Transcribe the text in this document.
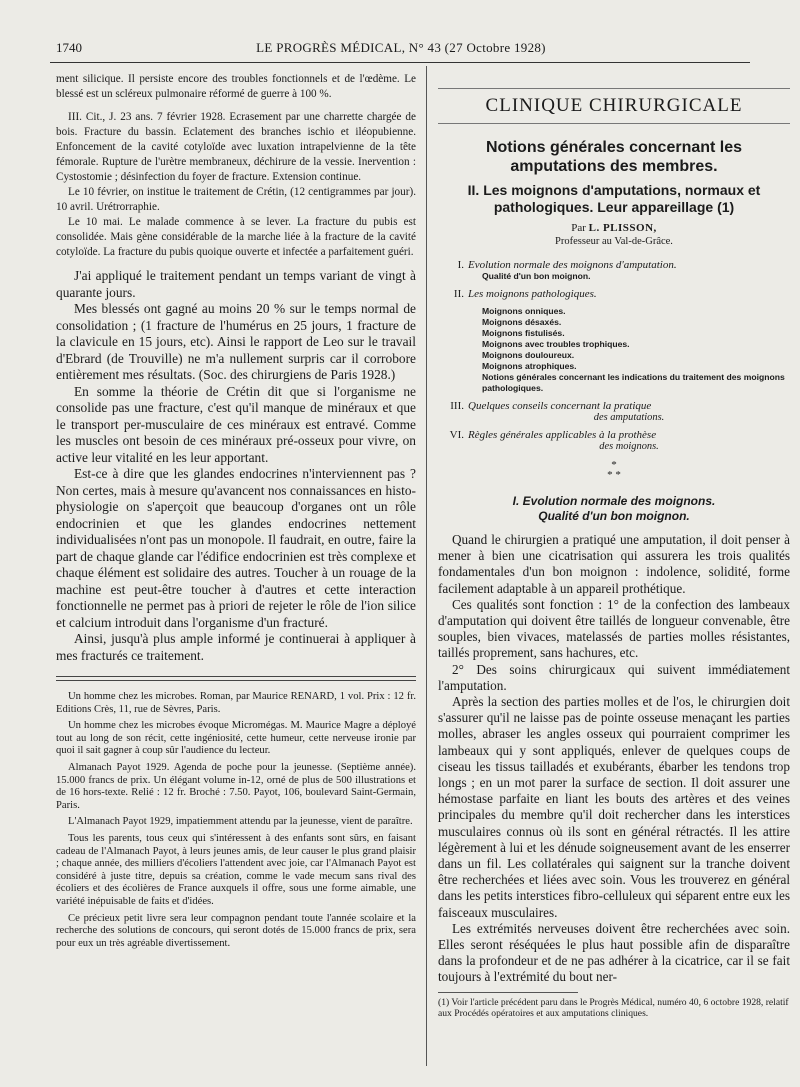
1740	LE PROGRÈS MÉDICAL, N° 43 (27 Octobre 1928)

ment silicique. Il persiste encore des troubles fonctionnels et de l'œdème. Le blessé est un scléreux pulmonaire réformé de guerre à 100 %.

III. Cit., J. 23 ans. 7 février 1928. Ecrasement par une charrette chargée de bois. Fracture du bassin. Eclatement des branches ischio et iléopubienne. Enfoncement de la cavité cotyloïde avec luxation intrapelvienne de la tête fémorale. Rupture de l'urètre membraneux, déchirure de la vessie. Inervention : Cystostomie ; désinfection du foyer de fracture. Extension continue.

Le 10 février, on institue le traitement de Crétin, (12 centigrammes par jour). 10 avril. Urétrorraphie.

Le 10 mai. Le malade commence à se lever. La fracture du pubis est consolidée. Mais gène considérable de la marche liée à la fracture de la cavité cotyloïde. La fracture du pubis quoique ouverte et infectée a parfaitement guéri.

J'ai appliqué le traitement pendant un temps variant de vingt à quarante jours.

Mes blessés ont gagné au moins 20 % sur le temps normal de consolidation ; (1 fracture de l'humérus en 25 jours, 1 fracture de la clavicule en 15 jours, etc). Ainsi le rapport de Leo sur le travail d'Ebrard (de Trouville) ne m'a nullement surpris car il corrobore entièrement mes résultats. (Soc. des chirurgiens de Paris 1928.)

En somme la théorie de Crétin dit que si l'organisme ne consolide pas une fracture, c'est qu'il manque de minéraux et que le transport per-musculaire de ces minéraux est entravé. Comme les muscles ont besoin de ces minéraux pré-osseux pour vivre, on active leur vitalité en les leur apportant.

Est-ce à dire que les glandes endocrines n'interviennent pas ? Non certes, mais à mesure qu'avancent nos connaissances en histo-physiologie on s'aperçoit que beaucoup d'organes ont un rôle endocrinien et que les glandes endocrines nettement individualisées n'ont pas un monopole. Il faudrait, en outre, faire la part de chaque glande car l'édifice endocrinien est très complexe et chaque élément est solidaire des autres. Toucher à un rouage de la machine est peut-être toucher à d'autres et cette interaction fonctionnelle ne permet pas à priori de rejeter le rôle de l'ion silice et calcium introduit dans l'organisme d'un fracturé.

Ainsi, jusqu'à plus ample informé je continuerai à appliquer à mes fracturés ce traitement.

Un homme chez les microbes. Roman, par Maurice RENARD, 1 vol. Prix : 12 fr. Editions Crès, 11, rue de Sèvres, Paris.

Un homme chez les microbes évoque Micromégas. M. Maurice Magre a déployé tout au long de son récit, cette ingéniosité, cette humeur, cette nerveuse ironie par quoi il sait gagner à coup sûr l'audience du lecteur.

Almanach Payot 1929. Agenda de poche pour la jeunesse. (Septième année). 15.000 francs de prix. Un élégant volume in-12, orné de plus de 500 illustrations et de 16 hors-texte. Relié : 12 fr. Broché : 7.50. Payot, 106, boulevard Saint-Germain, Paris.

L'Almanach Payot 1929, impatiemment attendu par la jeunesse, vient de paraître.

Tous les parents, tous ceux qui s'intéressent à des enfants sont sûrs, en faisant cadeau de l'Almanach Payot, à leurs jeunes amis, de leur causer le plus grand plaisir ; chaque année, des milliers d'écoliers l'attendent avec joie, car l'Almanach Payot est considéré à juste titre, depuis sa création, comme le vade mecum sans rival des écoliers et des écolières de France auxquels il offre, sous une forme aimable, une variété inépuisable de faits et d'idées.

Ce précieux petit livre sera leur compagnon pendant toute l'année scolaire et la recherche des solutions de concours, qui seront dotés de 15.000 francs de prix, sera pour eux un très agréable divertissement.

CLINIQUE CHIRURGICALE
Notions générales concernant les amputations des membres.
II. Les moignons d'amputations, normaux et pathologiques. Leur appareillage (1)
Par L. PLISSON,
Professeur au Val-de-Grâce.
I. Evolution normale des moignons d'amputation.
Qualité d'un bon moignon.
II. Les moignons pathologiques.
Moignons onniques.
Moignons désaxés.
Moignons fistulisés.
Moignons avec troubles trophiques.
Moignons douloureux.
Moignons atrophiques.
Notions générales concernant les indications du traitement des moignons pathologiques.
III. Quelques conseils concernant la pratique
des amputations.
VI. Règles générales applicables à la prothèse
des moignons.
*
* *
I. Evolution normale des moignons.
Qualité d'un bon moignon.

Quand le chirurgien a pratiqué une amputation, il doit penser à mener à bien une cicatrisation qui assurera les trois qualités fondamentales d'un bon moignon : indolence, solidité, forme facilement adaptable à un appareil prothétique.

Ces qualités sont fonction : 1° de la confection des lambeaux d'amputation qui doivent être taillés de longueur convenable, être souples, bien vivaces, matelassés de parties molles résistantes, taillés proprement, sans hachures, etc.

2° Des soins chirurgicaux qui suivent immédiatement l'amputation.

Après la section des parties molles et de l'os, le chirurgien doit s'assurer qu'il ne laisse pas de pointe osseuse menaçant les parties molles, abraser les angles osseux qui pourraient comprimer les lambeaux qui y sont appliqués, enlever de quelques coups de ciseau les tissus tailladés et exubérants, ébarber les tendons trop longs ; en un mot parer la surface de section. Il doit assurer une hémostase parfaite en liant les bouts des artères et des veines principales du membre qu'il doit rechercher dans les interstices musculaires connus où ils sont en général rétractés. Il les attire légèrement à lui et les dénude soigneusement avant de les enserrer dans un fil. Les collatérales qui saignent sur la tranche doivent être recherchées et liées avec soin. Vous les trouverez en général dans les petits interstices fibro-celluleux qui séparent entre eux les faisceaux musculaires.

Les extrémités nerveuses doivent être recherchées avec soin. Elles seront réséquées le plus haut possible afin de disparaître dans la profondeur et de ne pas adhérer à la cicatrice, car il se fait toujours à l'extrémité du bout ner-

(1) Voir l'article précédent paru dans le Progrès Médical, numéro 40, 6 octobre 1928, relatif aux Procédés opératoires et aux amputations cliniques.
